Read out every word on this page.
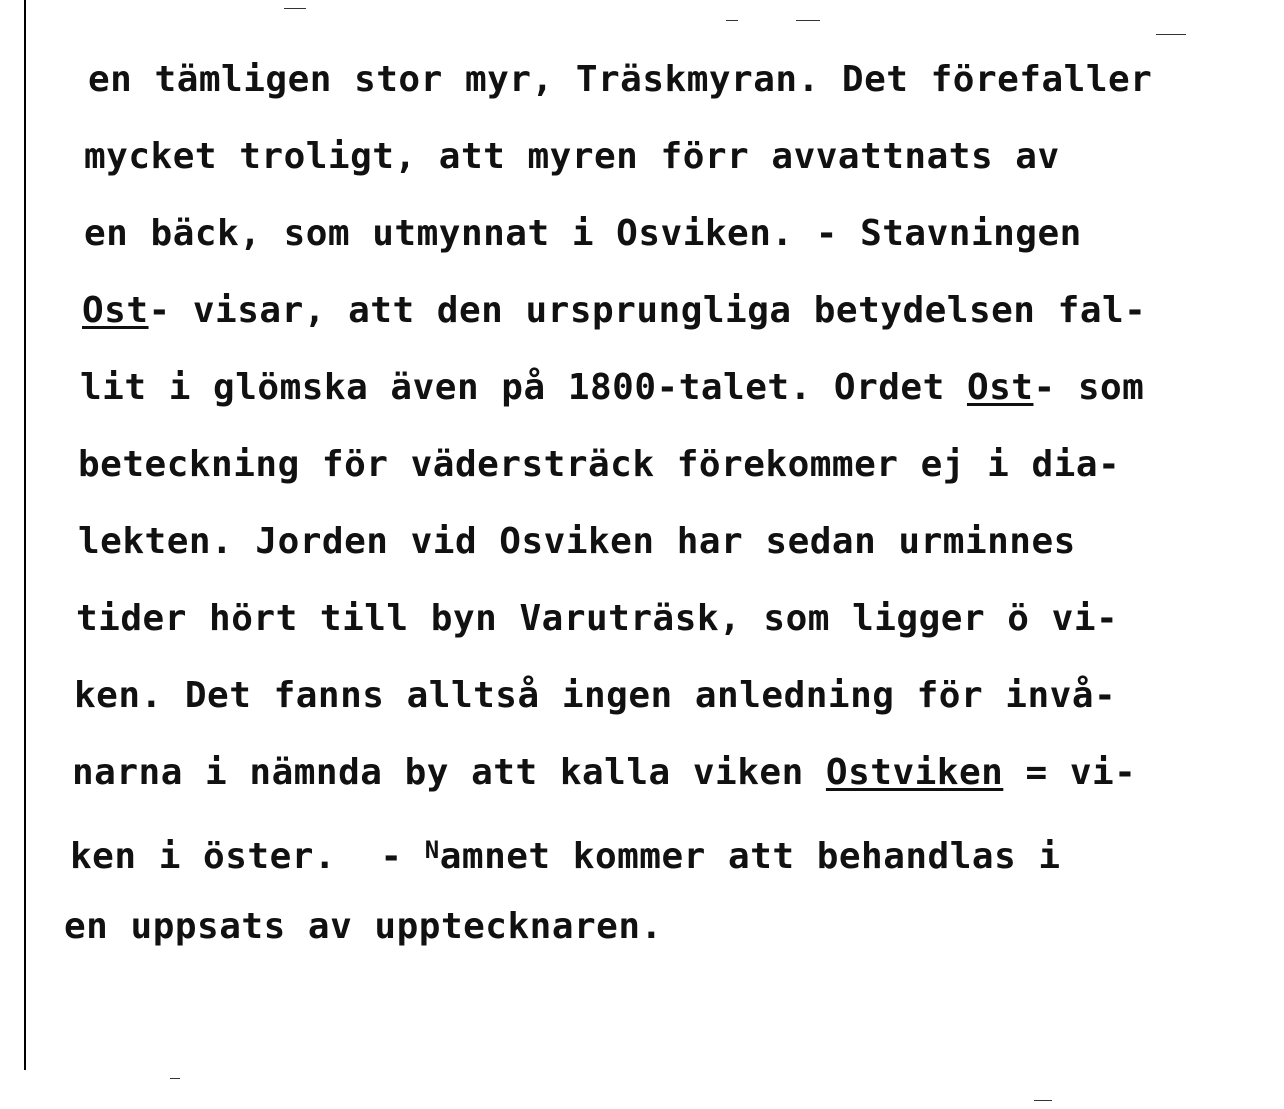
en tämligen stor myr, Träskmyran. Det förefaller
mycket troligt, att myren förr avvattnats av
en bäck, som utmynnat i Osviken. - Stavningen
Ost- visar, att den ursprungliga betydelsen fal-
lit i glömska även på 1800-talet. Ordet Ost- som
beteckning för vädersträck förekommer ej i dia-
lekten. Jorden vid Osviken har sedan urminnes
tider hört till byn Varuträsk, som ligger ö vi-
ken. Det fanns alltså ingen anledning för invå-
narna i nämnda by att kalla viken Ostviken = vi-
ken i öster.  - $^N$amnet kommer att behandlas i
en uppsats av upptecknaren.
